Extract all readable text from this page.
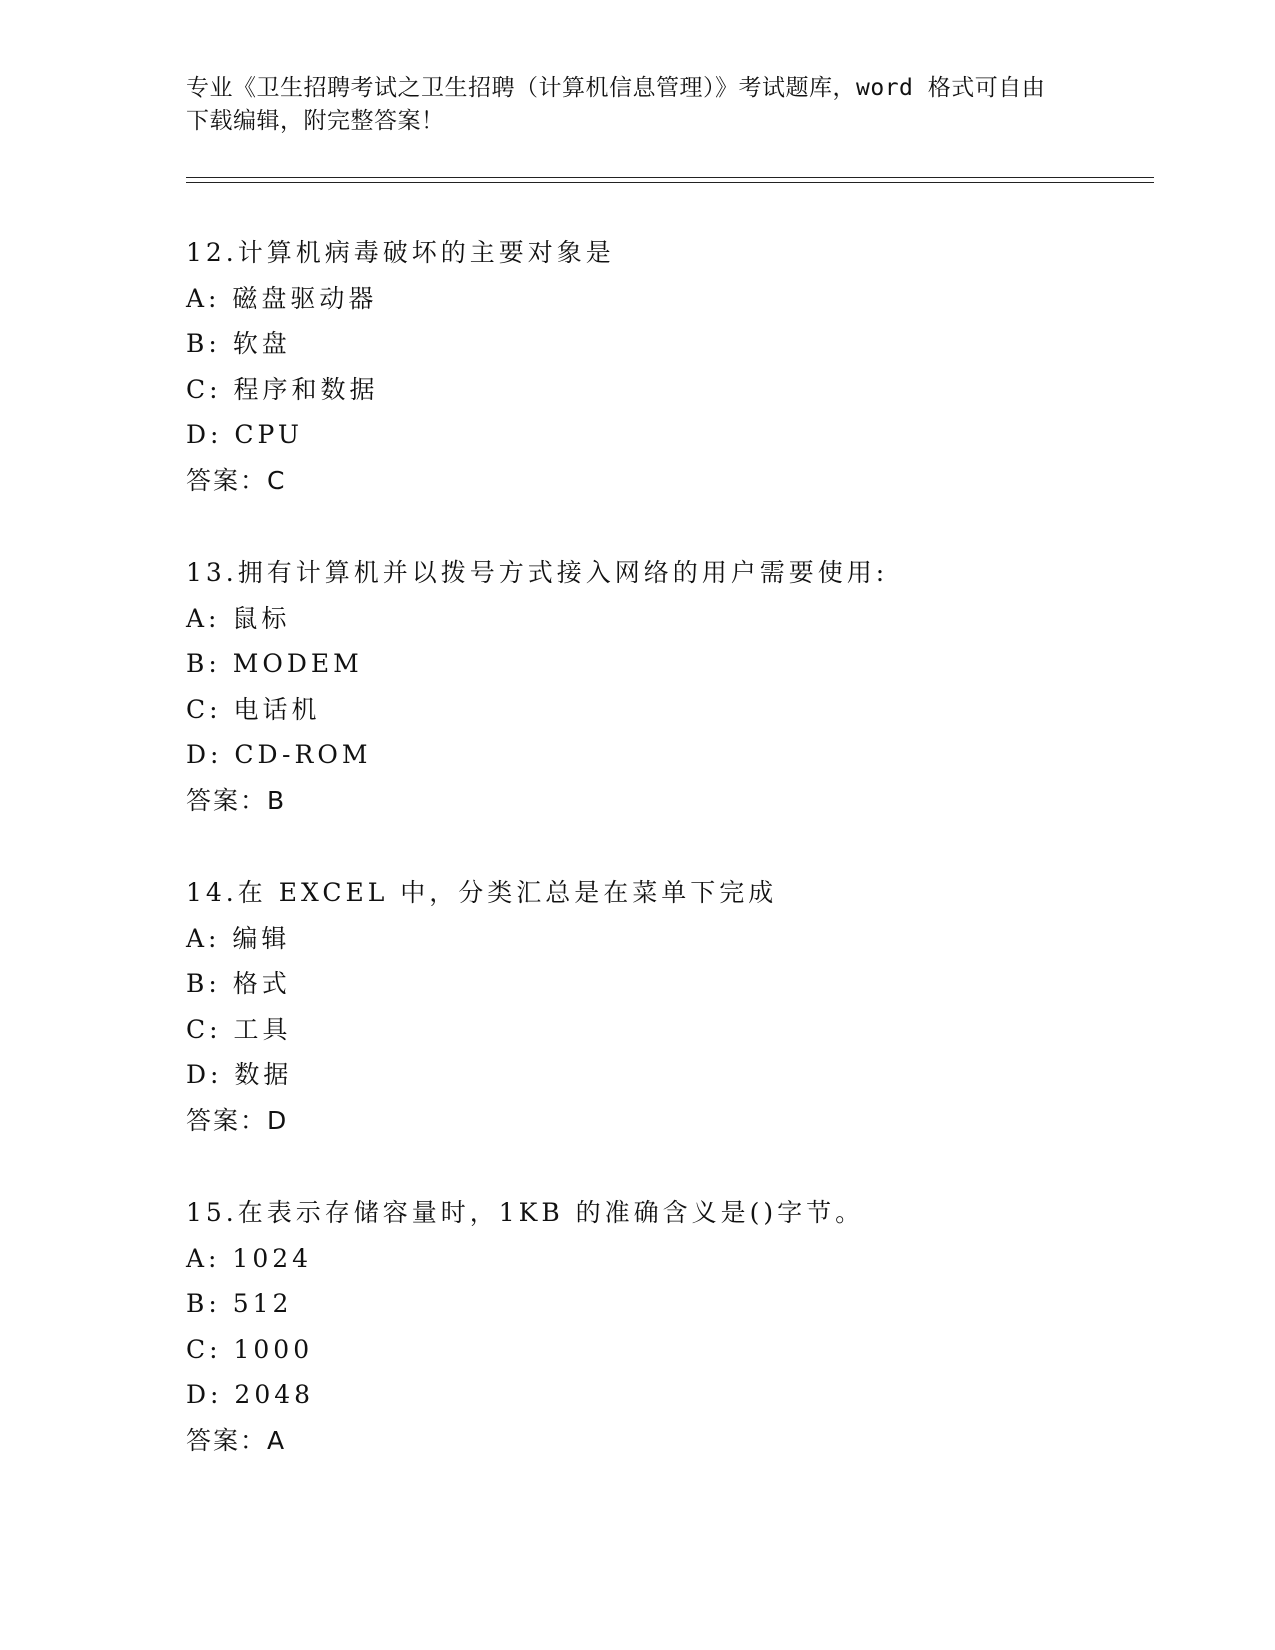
专业《卫生招聘考试之卫生招聘（计算机信息管理）》考试题库，word 格式可自由下载编辑，附完整答案！
12.计算机病毒破坏的主要对象是
A: 磁盘驱动器
B: 软盘
C: 程序和数据
D: CPU
答案：C
13.拥有计算机并以拨号方式接入网络的用户需要使用:
A: 鼠标
B: MODEM
C: 电话机
D: CD-ROM
答案：B
14.在 EXCEL 中，分类汇总是在菜单下完成
A: 编辑
B: 格式
C: 工具
D: 数据
答案：D
15.在表示存储容量时，1KB 的准确含义是()字节。
A: 1024
B: 512
C: 1000
D: 2048
答案：A
